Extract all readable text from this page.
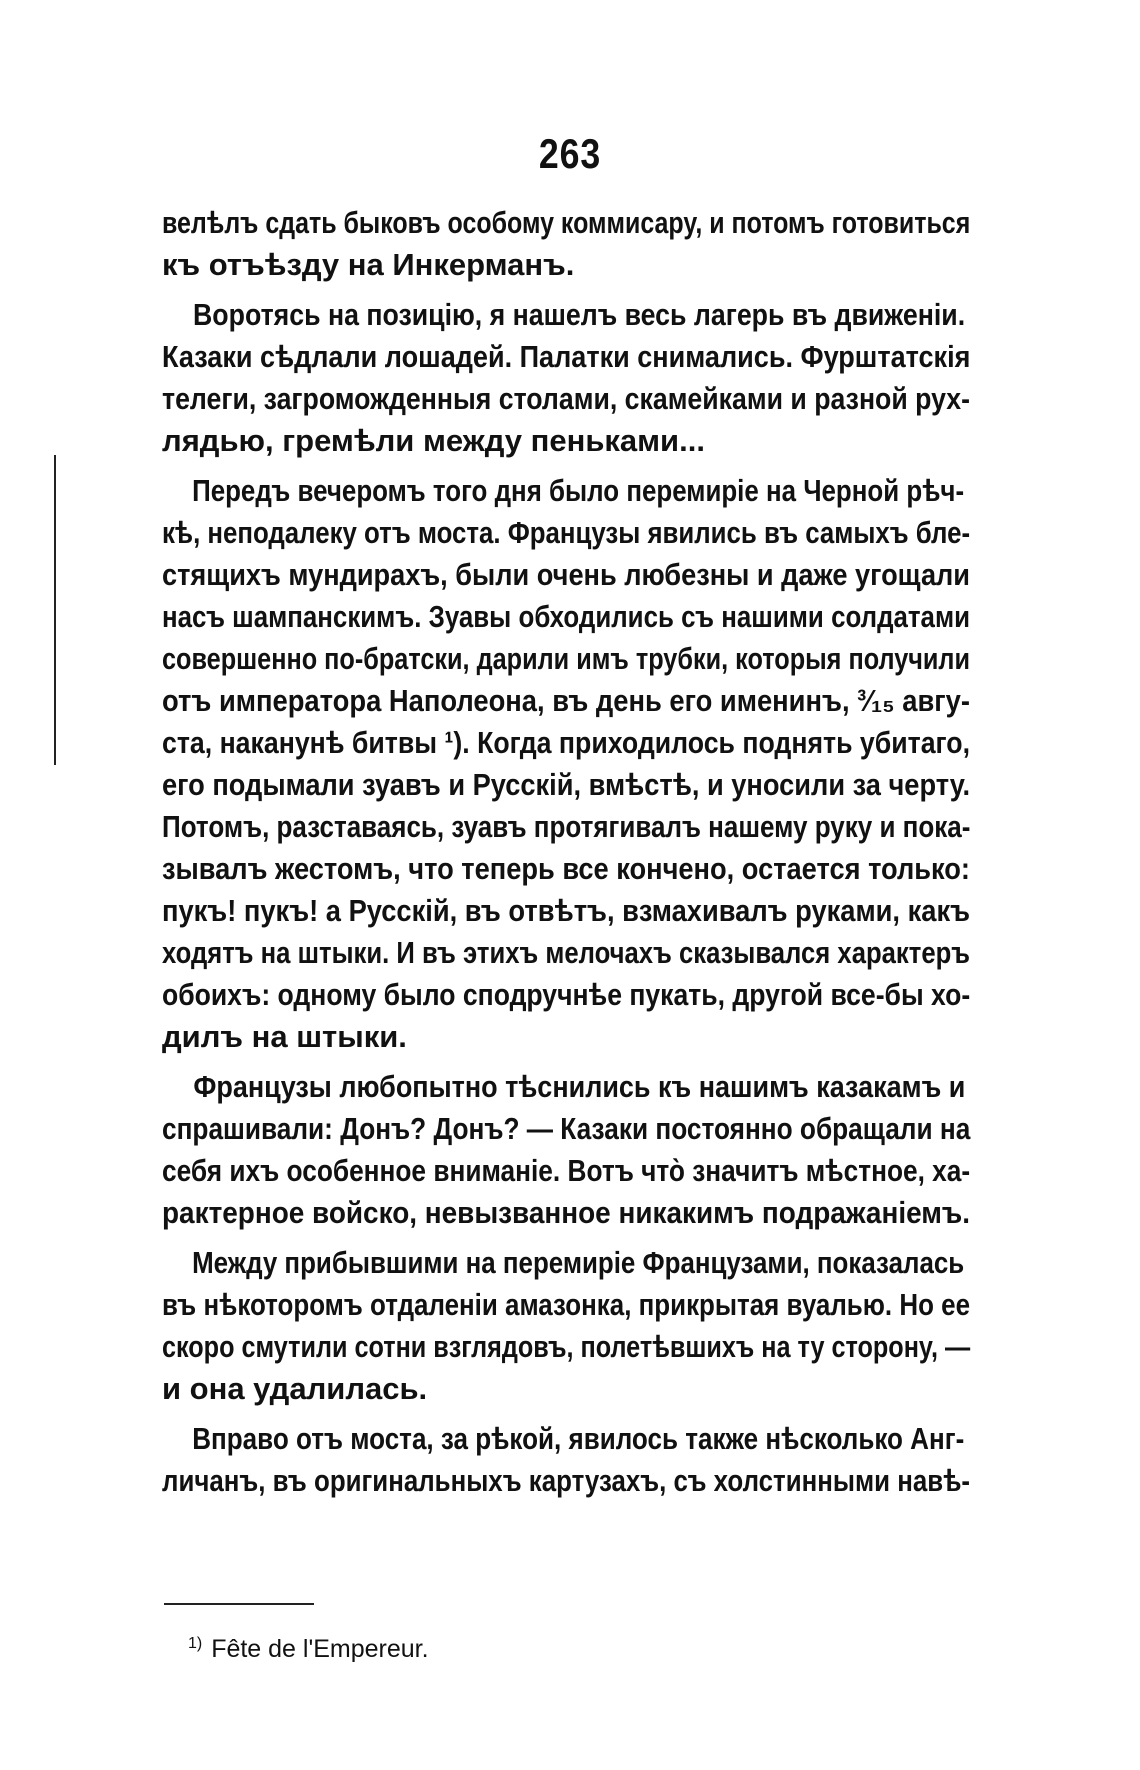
263

велѣлъ сдать быковъ особому коммисару, и потомъ готовиться
къ отъѣзду на Инкерманъ.

Воротясь на позицію, я нашелъ весь лагерь въ движеніи.
Казаки сѣдлали лошадей. Палатки снимались. Фурштатскія
телеги, загроможденныя столами, скамейками и разной рух-
лядью, гремѣли между пеньками...

Передъ вечеромъ того дня было перемиріе на Черной рѣч-
кѣ, неподалеку отъ моста. Французы явились въ самыхъ бле-
стящихъ мундирахъ, были очень любезны и даже угощали
насъ шампанскимъ. Зуавы обходились съ нашими солдатами
совершенно по-братски, дарили имъ трубки, которыя получили
отъ императора Наполеона, въ день его именинъ, ³⁄₁₅ авгу-
ста, наканунѣ битвы ¹). Когда приходилось поднять убитаго,
его подымали зуавъ и Русскій, вмѣстѣ, и уносили за черту.
Потомъ, разставаясь, зуавъ протягивалъ нашему руку и пока-
зывалъ жестомъ, что теперь все кончено, остается только:
пукъ! пукъ! а Русскій, въ отвѣтъ, взмахивалъ руками, какъ
ходятъ на штыки. И въ этихъ мелочахъ сказывался характеръ
обоихъ: одному было сподручнѣе пукать, другой все-бы хо-
дилъ на штыки.

Французы любопытно тѣснились къ нашимъ казакамъ и
спрашивали: Донъ? Донъ? — Казаки постоянно обращали на
себя ихъ особенное вниманіе. Вотъ что̀ значитъ мѣстное, ха-
рактерное войско, невызванное никакимъ подражаніемъ.

Между прибывшими на перемиріе Французами, показалась
въ нѣкоторомъ отдаленіи амазонка, прикрытая вуалью. Но ее
скоро смутили сотни взглядовъ, полетѣвшихъ на ту сторону, —
и она удалилась.

Вправо отъ моста, за рѣкой, явилось также нѣсколько Анг-
личанъ, въ оригинальныхъ картузахъ, съ холстинными навѣ-

$^{1)}$ Fête de l'Empereur.
